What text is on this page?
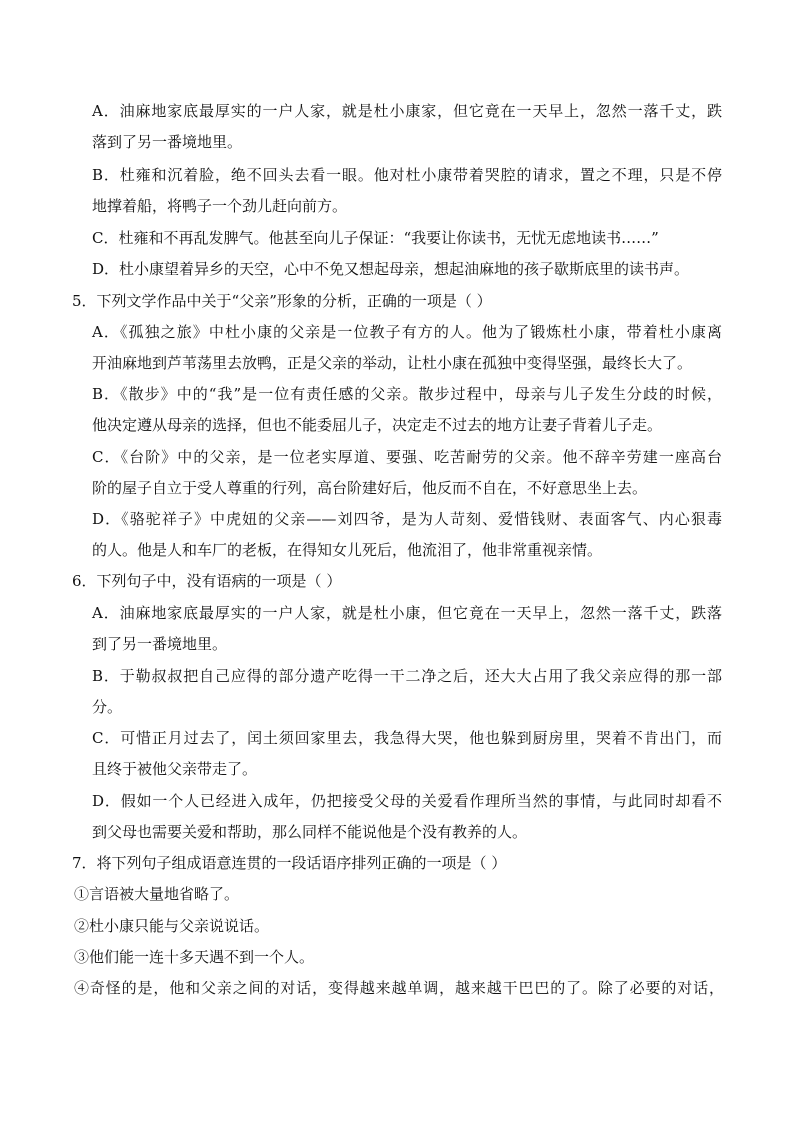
A．油麻地家底最厚实的一户人家，就是杜小康家，但它竟在一天早上，忽然一落千丈，跌
落到了另一番境地里。
B．杜雍和沉着脸，绝不回头去看一眼。他对杜小康带着哭腔的请求，置之不理，只是不停
地撑着船，将鸭子一个劲儿赶向前方。
C．杜雍和不再乱发脾气。他甚至向儿子保证：“我要让你读书，无忧无虑地读书……”
D．杜小康望着异乡的天空，心中不免又想起母亲，想起油麻地的孩子歇斯底里的读书声。
5．下列文学作品中关于“父亲”形象的分析，正确的一项是（ ）
A．《孤独之旅》中杜小康的父亲是一位教子有方的人。他为了锻炼杜小康，带着杜小康离
开油麻地到芦苇荡里去放鸭，正是父亲的举动，让杜小康在孤独中变得坚强，最终长大了。
B．《散步》中的“我”是一位有责任感的父亲。散步过程中，母亲与儿子发生分歧的时候，
他决定遵从母亲的选择，但也不能委屈儿子，决定走不过去的地方让妻子背着儿子走。
C．《台阶》中的父亲，是一位老实厚道、要强、吃苦耐劳的父亲。他不辞辛劳建一座高台
阶的屋子自立于受人尊重的行列，高台阶建好后，他反而不自在，不好意思坐上去。
D．《骆驼祥子》中虎妞的父亲——刘四爷，是为人苛刻、爱惜钱财、表面客气、内心狠毒
的人。他是人和车厂的老板，在得知女儿死后，他流泪了，他非常重视亲情。
6．下列句子中，没有语病的一项是（ ）
A．油麻地家底最厚实的一户人家，就是杜小康，但它竟在一天早上，忽然一落千丈，跌落
到了另一番境地里。
B．于勒叔叔把自己应得的部分遗产吃得一干二净之后，还大大占用了我父亲应得的那一部
分。
C．可惜正月过去了，闰土须回家里去，我急得大哭，他也躲到厨房里，哭着不肯出门，而
且终于被他父亲带走了。
D．假如一个人已经进入成年，仍把接受父母的关爱看作理所当然的事情，与此同时却看不
到父母也需要关爱和帮助，那么同样不能说他是个没有教养的人。
7．将下列句子组成语意连贯的一段话语序排列正确的一项是（ ）
①言语被大量地省略了。
②杜小康只能与父亲说说话。
③他们能一连十多天遇不到一个人。
④奇怪的是，他和父亲之间的对话，变得越来越单调，越来越干巴巴的了。除了必要的对话，
